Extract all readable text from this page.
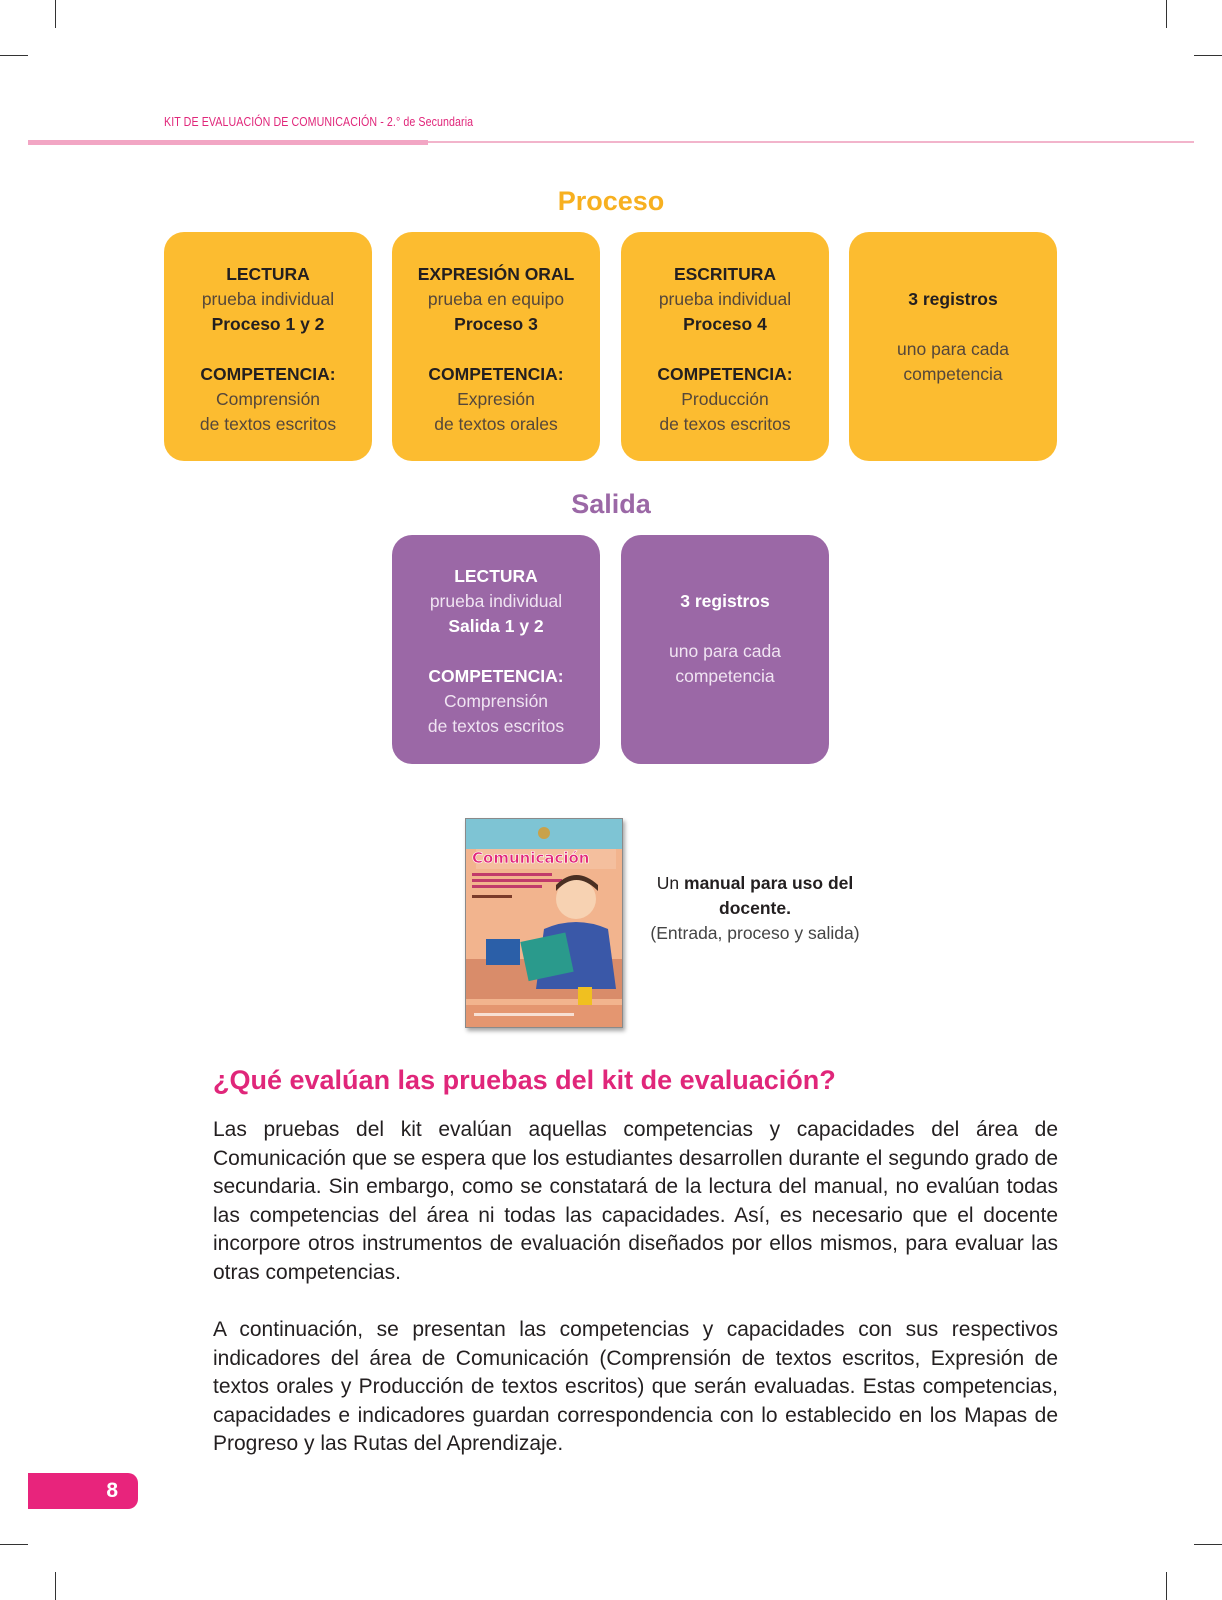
KIT DE EVALUACIÓN DE COMUNICACIÓN - 2.° de Secundaria
Proceso
LECTURA
prueba individual
Proceso 1 y 2
COMPETENCIA:
Comprensión
de textos escritos
EXPRESIÓN ORAL
prueba en equipo
Proceso 3
COMPETENCIA:
Expresión
de textos orales
ESCRITURA
prueba individual
Proceso 4
COMPETENCIA:
Producción
de texos escritos
3 registros
uno para cada
competencia
Salida
LECTURA
prueba individual
Salida 1 y 2
COMPETENCIA:
Comprensión
de textos escritos
3 registros
uno para cada
competencia
Comunicación
Un manual para uso del
docente.
(Entrada, proceso y salida)
¿Qué evalúan las pruebas del kit de evaluación?
Las pruebas del kit evalúan aquellas competencias y capacidades del área de Comunicación que se espera que los estudiantes desarrollen durante el segundo grado de secundaria. Sin embargo, como se constatará de la lectura del manual, no evalúan todas las competencias del área ni todas las capacidades. Así, es necesario que el docente incorpore otros instrumentos de evaluación diseñados por ellos mismos, para evaluar las otras competencias.
A continuación, se presentan las competencias y capacidades con sus respectivos indicadores del área de Comunicación (Comprensión de textos escritos, Expresión de textos orales y Producción de textos escritos) que serán evaluadas. Estas competencias, capacidades e indicadores guardan correspondencia con lo establecido en los Mapas de Progreso y las Rutas del Aprendizaje.
8
